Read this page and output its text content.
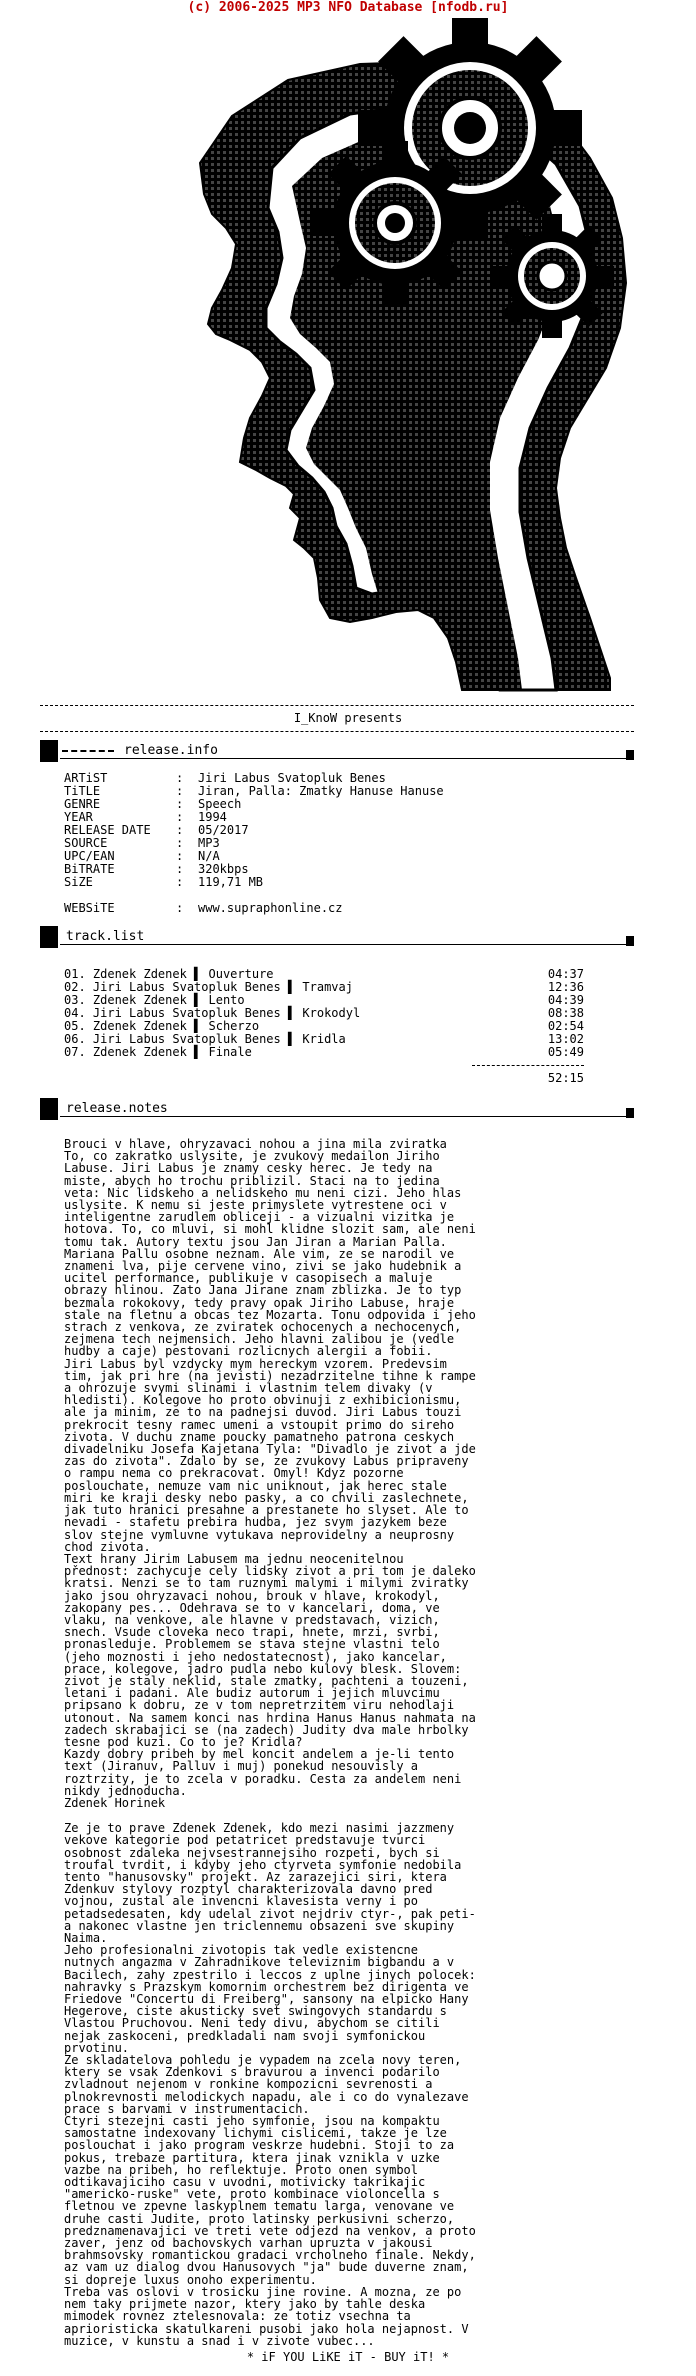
(c) 2006-2025 MP3 NFO Database [nfodb.ru]
I_KnoW presents
release.info
ARTiST	:	Jiri Labus Svatopluk Benes
TiTLE	:	Jiran, Palla: Zmatky Hanuse Hanuse
GENRE	:	Speech
YEAR	:	1994
RELEASE DATE	:	05/2017
SOURCE	:	MP3
UPC/EAN	:	N/A
BiTRATE	:	320kbps
SiZE	:	119,71 MB
WEBSiTE	:	www.supraphonline.cz
track.list
01. Zdenek Zdenek ▌ Ouverture	04:37
02. Jiri Labus Svatopluk Benes ▌ Tramvaj	12:36
03. Zdenek Zdenek ▌ Lento	04:39
04. Jiri Labus Svatopluk Benes ▌ Krokodyl	08:38
05. Zdenek Zdenek ▌ Scherzo	02:54
06. Jiri Labus Svatopluk Benes ▌ Kridla	13:02
07. Zdenek Zdenek ▌ Finale	05:49
52:15
release.notes

Brouci v hlave, ohryzavaci nohou a jina mila zviratka
To, co zakratko uslysite, je zvukovy medailon Jiriho
Labuse. Jiri Labus je znamy cesky herec. Je tedy na
miste, abych ho trochu priblizil. Staci na to jedina
veta: Nic lidskeho a nelidskeho mu neni cizi. Jeho hlas
uslysite. K nemu si jeste primyslete vytrestene oci v
inteligentne zarudlem obliceji - a vizualni vizitka je
hotova. To, co mluvi, si mohl klidne slozit sam, ale neni
tomu tak. Autory textu jsou Jan Jiran a Marian Palla.
Mariana Pallu osobne neznam. Ale vim, ze se narodil ve
znameni lva, pije cervene vino, zivi se jako hudebnik a
ucitel performance, publikuje v casopisech a maluje
obrazy hlinou. Zato Jana Jirane znam zblizka. Je to typ
bezmala rokokovy, tedy pravy opak Jiriho Labuse, hraje
stale na fletnu a obcas tez Mozarta. Tonu odpovida i jeho
strach z venkova, ze zviratek ochocenych a nechocenych,
zejmena tech nejmensich. Jeho hlavni zalibou je (vedle
hudby a caje) pestovani rozlicnych alergii a fobii.
Jiri Labus byl vzdycky mym hereckym vzorem. Predevsim
tim, jak pri hre (na jevisti) nezadrzitelne tihne k rampe
a ohrozuje svymi slinami i vlastnim telem divaky (v
hledisti). Kolegove ho proto obvinuji z exhibicionismu,
ale ja minim, ze to na padnejsi duvod. Jiri Labus touzi
prekrocit tesny ramec umeni a vstoupit primo do sireho
zivota. V duchu zname poucky pamatneho patrona ceskych
divadelniku Josefa Kajetana Tyla: "Divadlo je zivot a jde
zas do zivota". Zdalo by se, ze zvukovy Labus pripraveny
o rampu nema co prekracovat. Omyl! Kdyz pozorne
poslouchate, nemuze vam nic uniknout, jak herec stale
miri ke kraji desky nebo pasky, a co chvili zaslechnete,
jak tuto hranici presahne a prestanete ho slyset. Ale to
nevadi - stafetu prebira hudba, jez svym jazykem beze
slov stejne vymluvne vytukava neprovidelny a neuprosny
chod zivota.
Text hrany Jirim Labusem ma jednu neocenitelnou
přednost: zachycuje cely lidsky zivot a pri tom je daleko
kratsi. Nenzi se to tam ruznymi malymi i milymi zviratky
jako jsou ohryzavaci nohou, brouk v hlave, krokodyl,
zakopany pes... Odehrava se to v kancelari, doma, ve
vlaku, na venkove, ale hlavne v predstavach, vizich,
snech. Vsude cloveka neco trapi, hnete, mrzi, svrbi,
pronasleduje. Problemem se stava stejne vlastni telo
(jeho moznosti i jeho nedostatecnost), jako kancelar,
prace, kolegove, jadro pudla nebo kulovy blesk. Slovem:
zivot je staly neklid, stale zmatky, pachteni a touzeni,
letani i padani. Ale budiz autorum i jejich mluvcimu
pripsano k dobru, ze v tom nepretrzitem viru nehodlaji
utonout. Na samem konci nas hrdina Hanus Hanus nahmata na
zadech skrabajici se (na zadech) Judity dva male hrbolky
tesne pod kuzi. Co to je? Kridla?
Kazdy dobry pribeh by mel koncit andelem a je-li tento
text (Jiranuv, Palluv i muj) ponekud nesouvisly a
roztrzity, je to zcela v poradku. Cesta za andelem neni
nikdy jednoducha.
Zdenek Horinek

Ze je to prave Zdenek Zdenek, kdo mezi nasimi jazzmeny
vekove kategorie pod petatricet predstavuje tvurci
osobnost zdaleka nejvsestrannejsiho rozpeti, bych si
troufal tvrdit, i kdyby jeho ctyrveta symfonie nedobila
tento "hanusovsky" projekt. Az zarazejici siri, ktera
Zdenkuv stylovy rozptyl charakterizovala davno pred
vojnou, zustal ale invencni klavesista verny i po
petadsedesaten, kdy udelal zivot nejdriv ctyr-, pak peti-
a nakonec vlastne jen triclennemu obsazeni sve skupiny
Naima.
Jeho profesionalni zivotopis tak vedle existencne
nutnych angazma v Zahradnikove televiznim bigbandu a v
Bacilech, zahy zpestrilo i leccos z uplne jinych polocek:
nahravky s Prazskym komornim orchestrem bez dirigenta ve
Friedove "Concertu di Freiberg", sansony na elpicko Hany
Hegerove, ciste akusticky svet swingovych standardu s
Vlastou Pruchovou. Neni tedy divu, abychom se citili
nejak zaskoceni, predkladali nam svoji symfonickou
prvotinu.
Ze skladatelova pohledu je vypadem na zcela novy teren,
ktery se vsak Zdenkovi s bravurou a invenci podarilo
zvladnout nejenom v ronkine kompozicni sevrenosti a
plnokrevnosti melodickych napadu, ale i co do vynalezave
prace s barvami v instrumentacich.
Ctyri stezejni casti jeho symfonie, jsou na kompaktu
samostatne indexovany lichymi cislicemi, takze je lze
poslouchat i jako program veskrze hudebni. Stoji to za
pokus, trebaze partitura, ktera jinak vznikla v uzke
vazbe na pribeh, ho reflektuje. Proto onen symbol
odtikavajiciho casu v uvodni, motivicky takrikajic
"americko-ruske" vete, proto kombinace violoncella s
fletnou ve zpevne laskyplnem tematu larga, venovane ve
druhe casti Judite, proto latinsky perkusivni scherzo,
predznamenavajici ve treti vete odjezd na venkov, a proto
zaver, jenz od bachovskych varhan upruzta v jakousi
brahmsovsky romantickou gradaci vrcholneho finale. Nekdy,
az vam uz dialog dvou Hanusovych "ja" bude duverne znam,
si dopreje luxus onoho experimentu.
Treba vas oslovi v trosicku jine rovine. A mozna, ze po
nem taky prijmete nazor, ktery jako by tahle deska
mimodek rovnez ztelesnovala: ze totiz vsechna ta
aprioristicka skatulkareni pusobi jako hola nejapnost. V
muzice, v kunstu a snad i v zivote vubec...

* iF YOU LiKE iT - BUY iT! *
